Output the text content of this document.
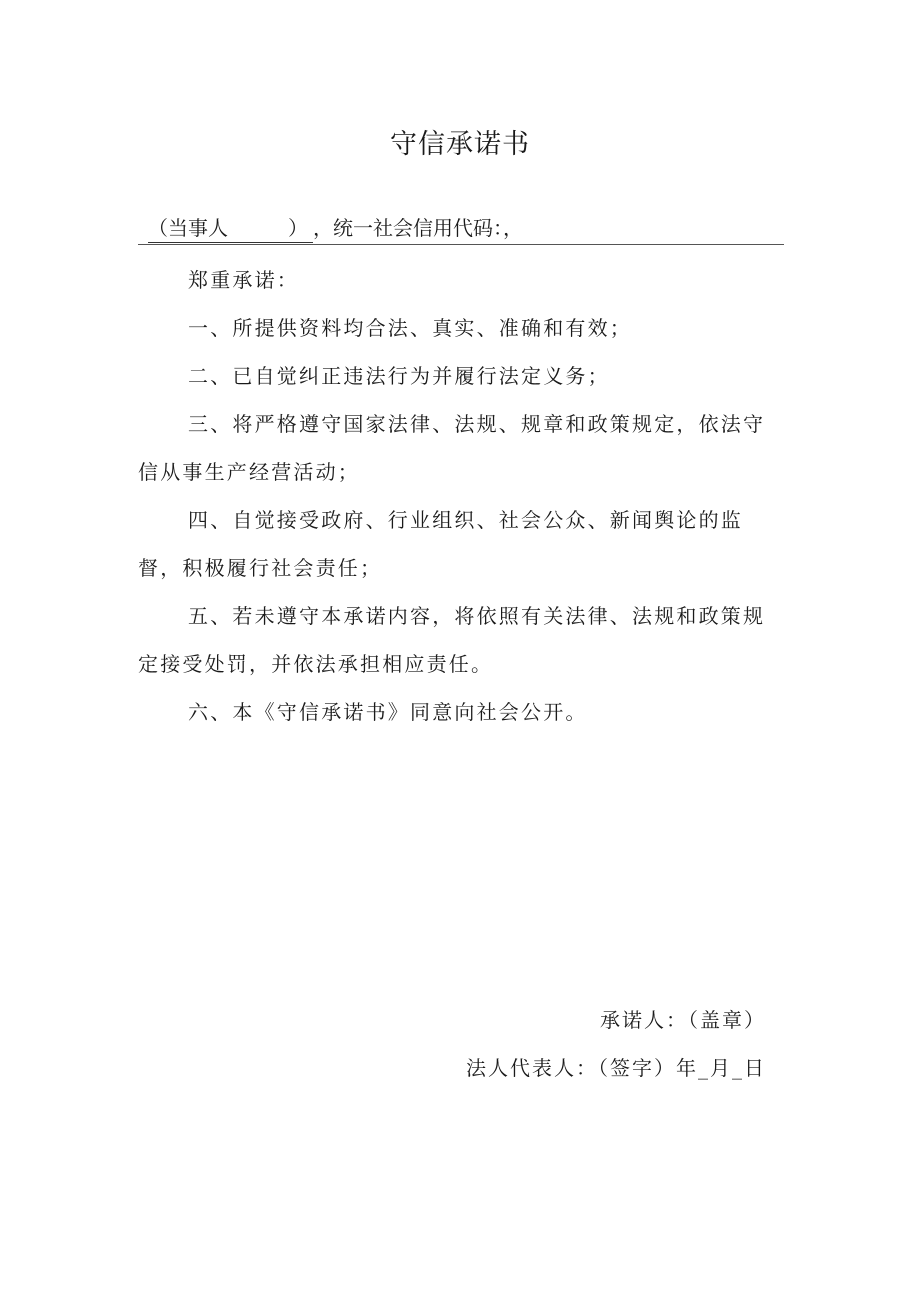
守信承诺书
（当事人　　　） ，统一社会信用代码：，

郑重承诺：

一、所提供资料均合法、真实、准确和有效；

二、已自觉纠正违法行为并履行法定义务；

三、将严格遵守国家法律、法规、规章和政策规定，依法守信从事生产经营活动；

四、自觉接受政府、行业组织、社会公众、新闻舆论的监督，积极履行社会责任；

五、若未遵守本承诺内容，将依照有关法律、法规和政策规定接受处罚，并依法承担相应责任。

六、本《守信承诺书》同意向社会公开。

承诺人：（盖章）
法人代表人：（签字）年_月_日
